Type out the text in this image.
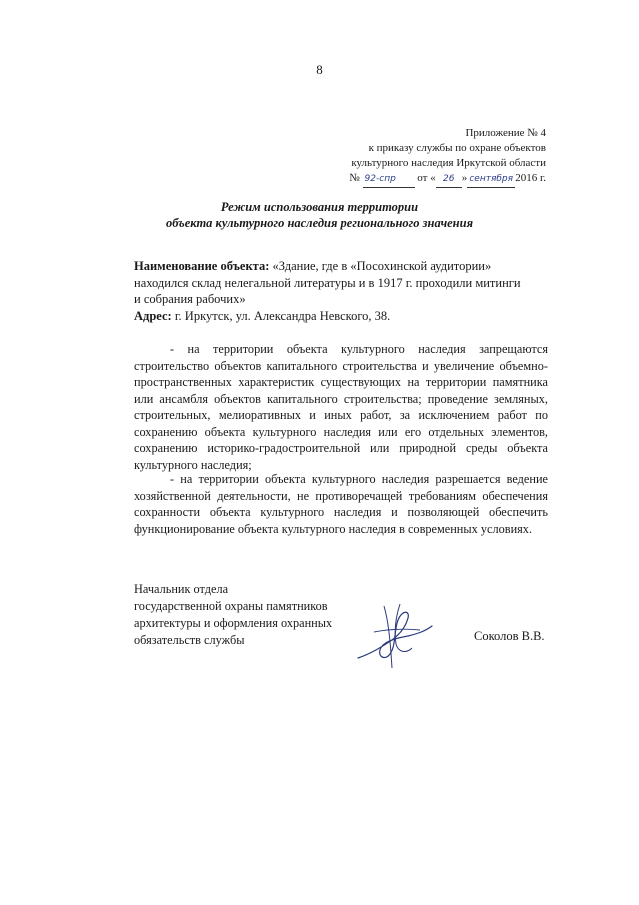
8
Приложение № 4
к приказу службы по охране объектов
культурного наследия Иркутской области
№ 92-спр от « 26 » сентября 2016 г.
Режим использования территории
объекта культурного наследия регионального значения
Наименование объекта: «Здание, где в «Посохинской аудитории» находился склад нелегальной литературы и в 1917 г. проходили митинги и собрания рабочих»
Адрес: г. Иркутск, ул. Александра Невского, 38.
- на территории объекта культурного наследия запрещаются строительство объектов капитального строительства и увеличение объемно-пространственных характеристик существующих на территории памятника или ансамбля объектов капитального строительства; проведение земляных, строительных, мелиоративных и иных работ, за исключением работ по сохранению объекта культурного наследия или его отдельных элементов, сохранению историко-градостроительной или природной среды объекта культурного наследия;
- на территории объекта культурного наследия разрешается ведение хозяйственной деятельности, не противоречащей требованиям обеспечения сохранности объекта культурного наследия и позволяющей обеспечить функционирование объекта культурного наследия в современных условиях.
Начальник отдела
государственной охраны памятников
архитектуры и оформления охранных
обязательств службы	Соколов В.В.
